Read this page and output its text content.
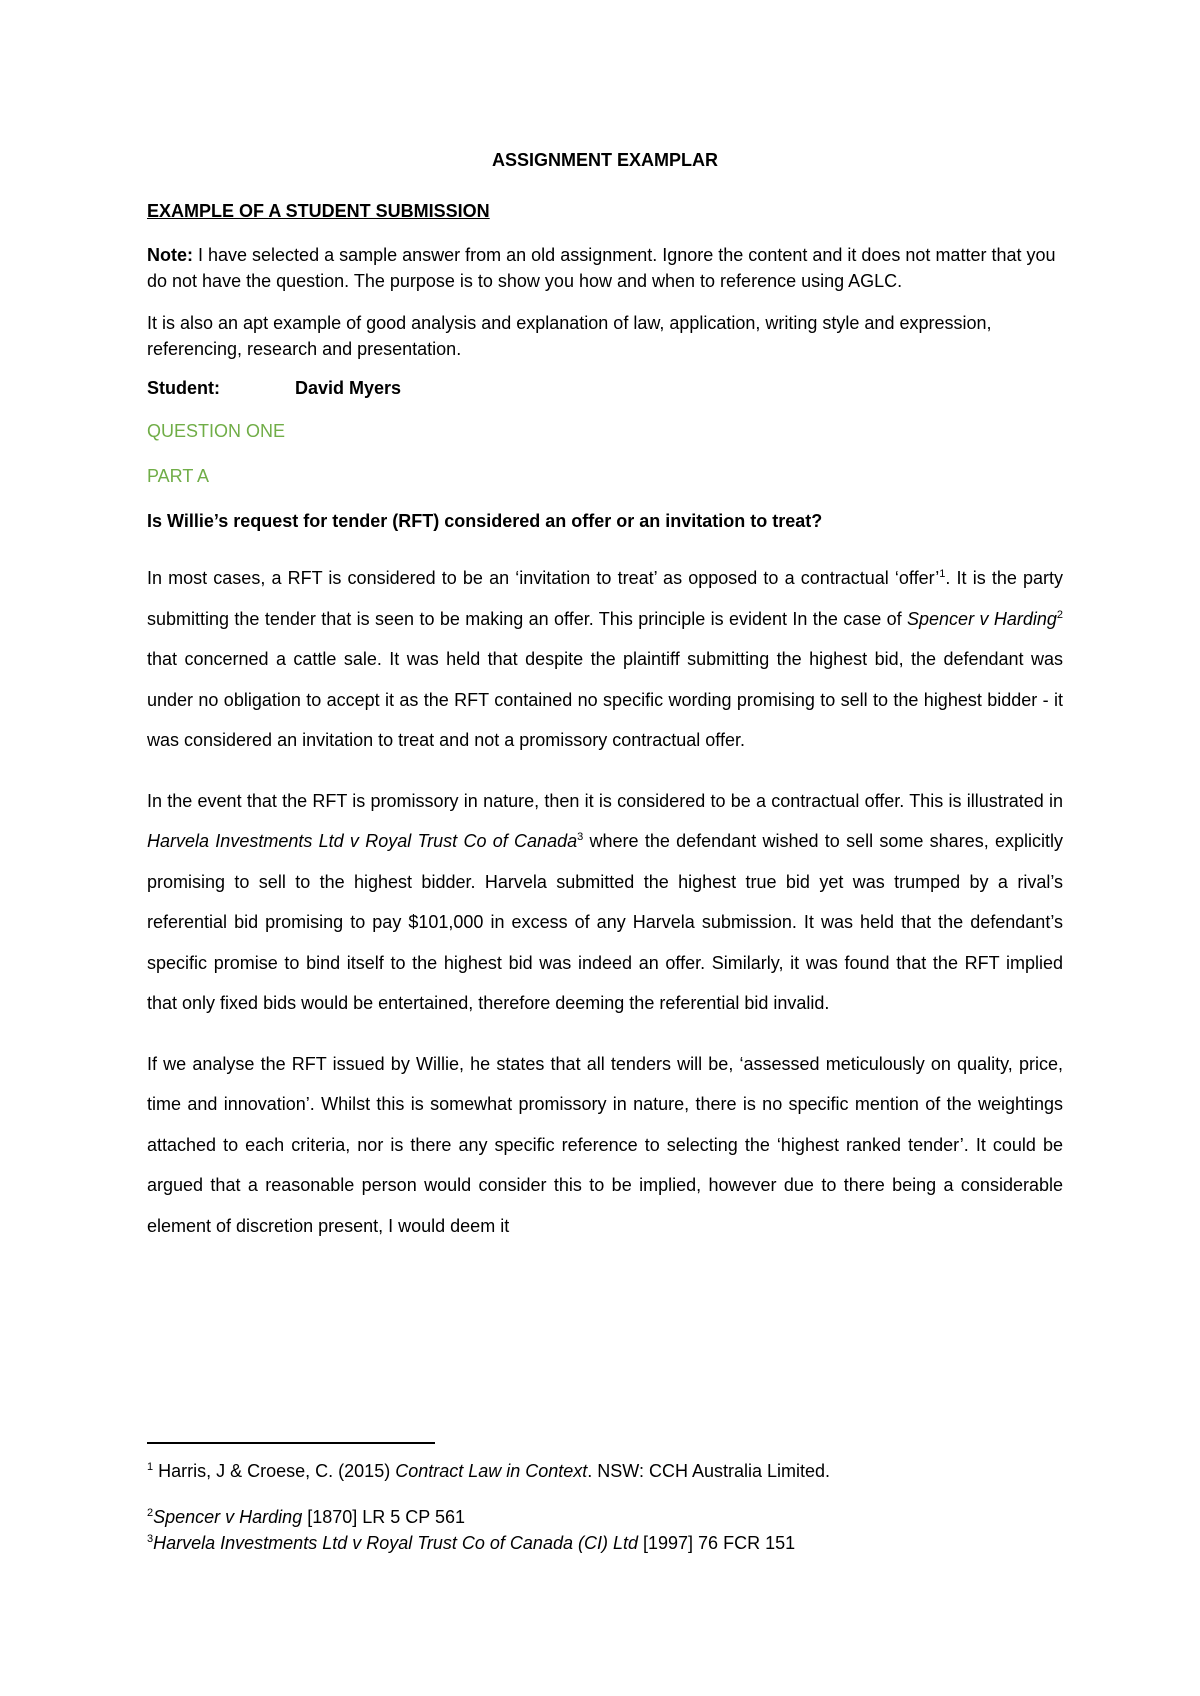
ASSIGNMENT EXAMPLAR
EXAMPLE OF A STUDENT SUBMISSION

Note: I have selected a sample answer from an old assignment. Ignore the content and it does not matter that you do not have the question. The purpose is to show you how and when to reference using AGLC.

It is also an apt example of good analysis and explanation of law, application, writing style and expression, referencing, research and presentation.

Student:	David Myers
QUESTION ONE
PART A
Is Willie’s request for tender (RFT) considered an offer or an invitation to treat?

In most cases, a RFT is considered to be an ‘invitation to treat’ as opposed to a contractual ‘offer’$^1$. It is the party submitting the tender that is seen to be making an offer. This principle is evident In the case of Spencer v Harding$^2$ that concerned a cattle sale. It was held that despite the plaintiff submitting the highest bid, the defendant was under no obligation to accept it as the RFT contained no specific wording promising to sell to the highest bidder - it was considered an invitation to treat and not a promissory contractual offer.

In the event that the RFT is promissory in nature, then it is considered to be a contractual offer. This is illustrated in Harvela Investments Ltd v Royal Trust Co of Canada$^3$ where the defendant wished to sell some shares, explicitly promising to sell to the highest bidder. Harvela submitted the highest true bid yet was trumped by a rival’s referential bid promising to pay $101,000 in excess of any Harvela submission. It was held that the defendant’s specific promise to bind itself to the highest bid was indeed an offer. Similarly, it was found that the RFT implied that only fixed bids would be entertained, therefore deeming the referential bid invalid.

If we analyse the RFT issued by Willie, he states that all tenders will be, ‘assessed meticulously on quality, price, time and innovation’. Whilst this is somewhat promissory in nature, there is no specific mention of the weightings attached to each criteria, nor is there any specific reference to selecting the ‘highest ranked tender’. It could be argued that a reasonable person would consider this to be implied, however due to there being a considerable element of discretion present, I would deem it

$^1$ Harris, J & Croese, C. (2015) Contract Law in Context. NSW: CCH Australia Limited.

$^2$Spencer v Harding [1870] LR 5 CP 561

$^3$Harvela Investments Ltd v Royal Trust Co of Canada (CI) Ltd [1997] 76 FCR 151
